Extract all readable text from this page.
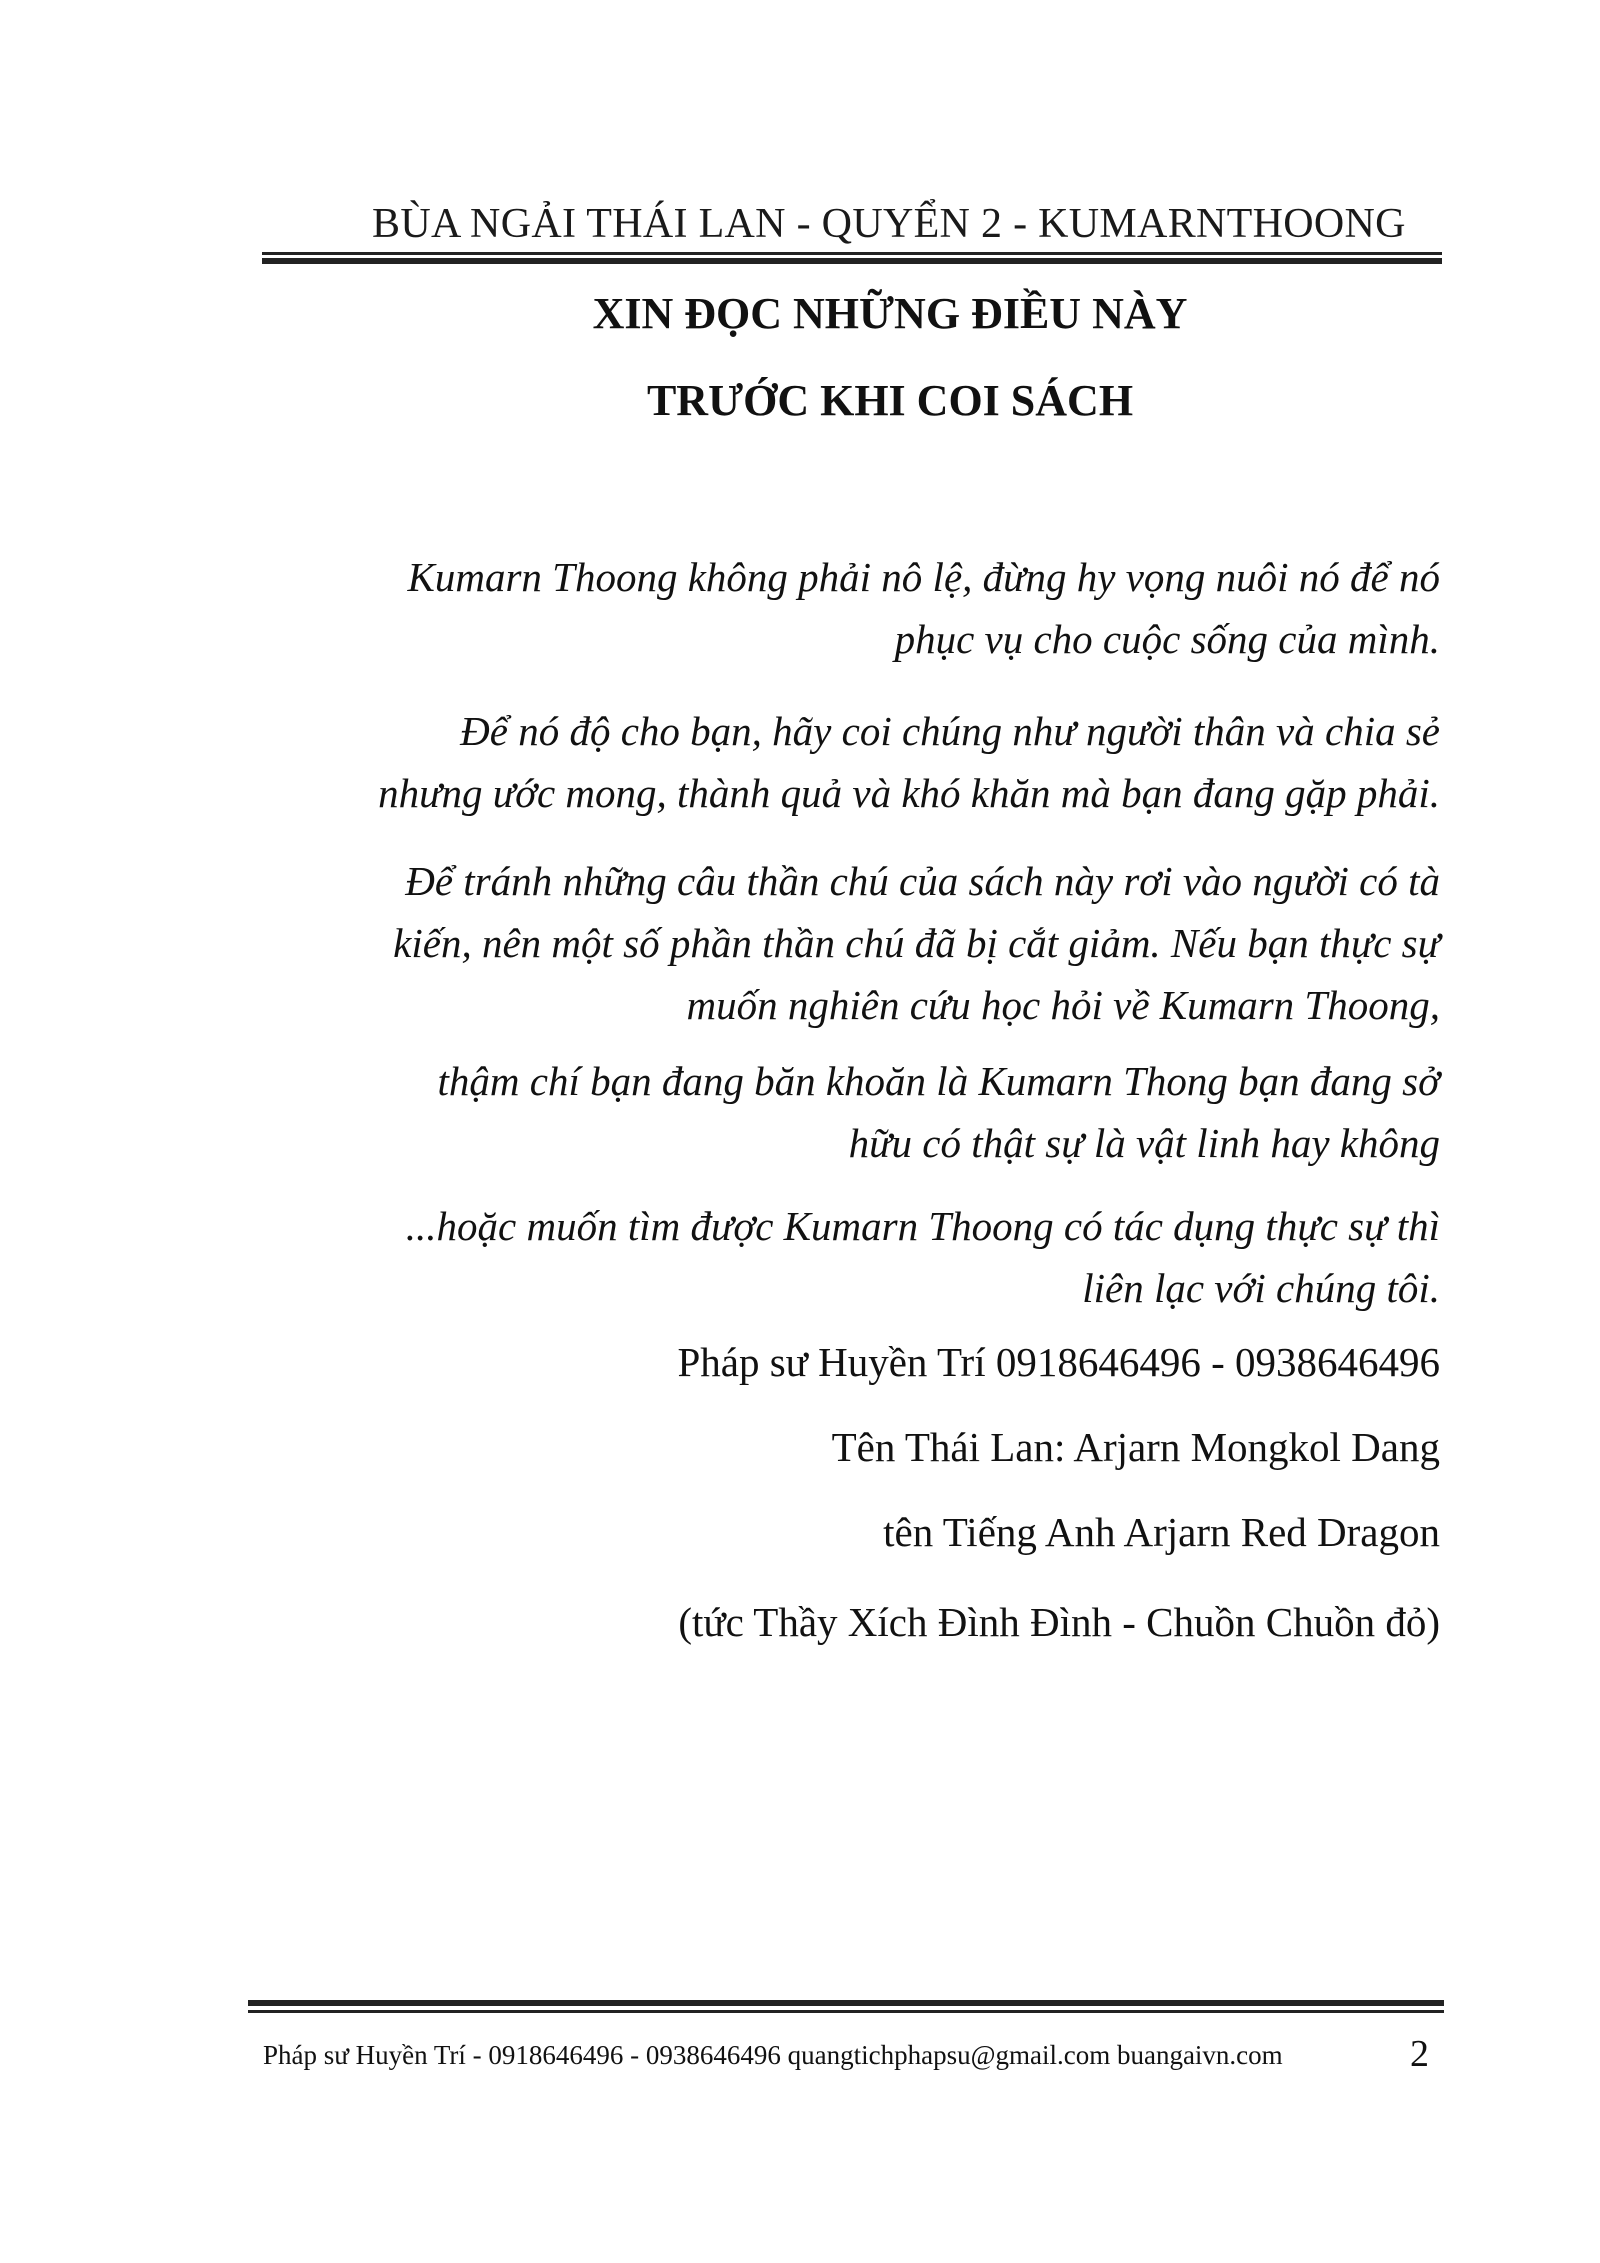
BÙA NGẢI THÁI LAN - QUYỂN 2 - KUMARNTHOONG
XIN ĐỌC NHỮNG ĐIỀU NÀY
TRƯỚC KHI COI SÁCH
Kumarn Thoong không phải nô lệ, đừng hy vọng nuôi nó để nó
phục vụ cho cuộc sống của mình.
Để nó độ cho bạn, hãy coi chúng như người thân và chia sẻ
nhưng ước mong, thành quả và khó khăn mà bạn đang gặp phải.
Để tránh những câu thần chú của sách này rơi vào người có tà
kiến, nên một số phần thần chú đã bị cắt giảm. Nếu bạn thực sự
muốn nghiên cứu học hỏi về Kumarn Thoong,
thậm chí bạn đang băn khoăn là Kumarn Thong bạn đang sở
hữu có thật sự là vật linh hay không
...hoặc muốn tìm được Kumarn Thoong có tác dụng thực sự thì
liên lạc với chúng tôi.
Pháp sư Huyền Trí 0918646496 - 0938646496
Tên Thái Lan: Arjarn Mongkol Dang
tên Tiếng Anh Arjarn Red Dragon
(tức Thầy Xích Đình Đình - Chuồn Chuồn đỏ)
Pháp sư Huyền Trí - 0918646496 - 0938646496 quangtichphapsu@gmail.com buangaivn.com	2
